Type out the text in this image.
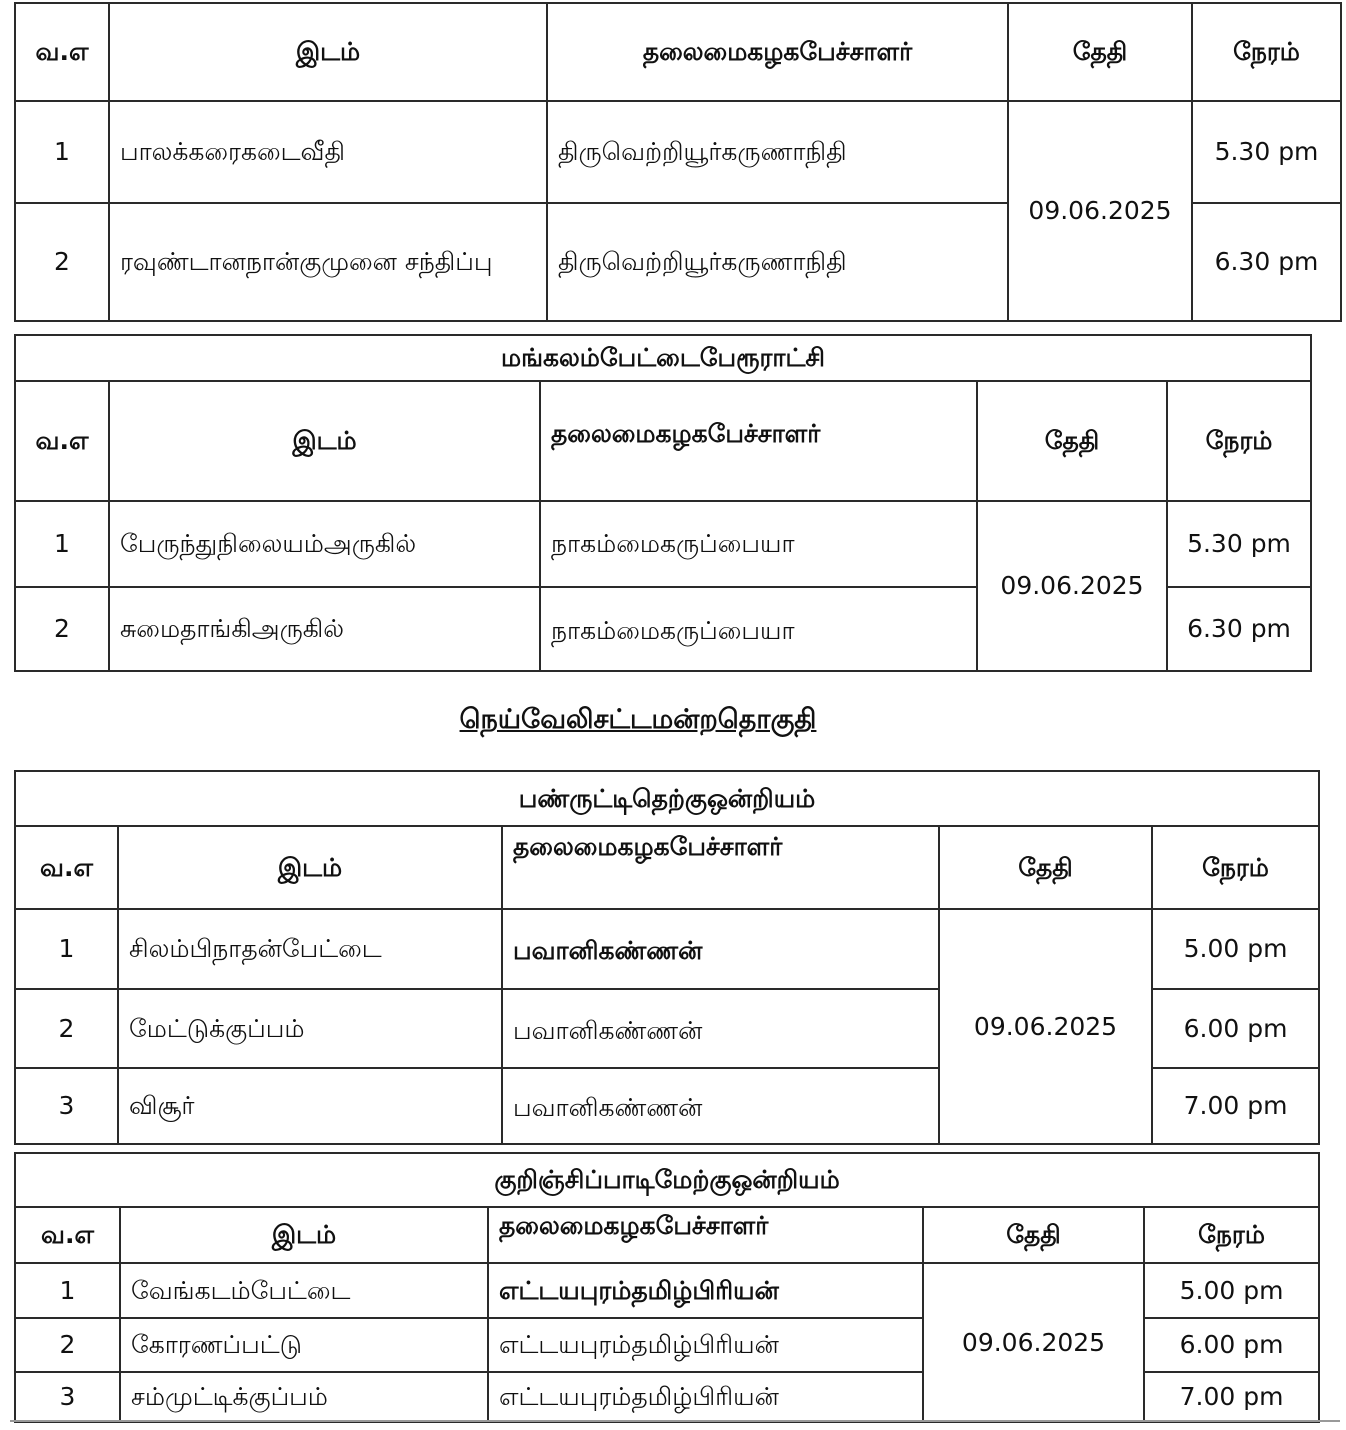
வ.எ	இடம்	தலைமைகழகபேச்சாளர்	தேதி	நேரம்
1	பாலக்கரைகடைவீதி	திருவெற்றியூர்கருணாநிதி	09.06.2025	5.30 pm
2	ரவுண்டானநான்குமுனை சந்திப்பு	திருவெற்றியூர்கருணாநிதி		6.30 pm
மங்கலம்பேட்டைபேரூராட்சி				
வ.எ	இடம்	தலைமைகழகபேச்சாளர்	தேதி	நேரம்
1	பேருந்துநிலையம்அருகில்	நாகம்மைகருப்பையா	09.06.2025	5.30 pm
2	சுமைதாங்கிஅருகில்	நாகம்மைகருப்பையா		6.30 pm
நெய்வேலிசட்டமன்றதொகுதி
பண்ருட்டிதெற்குஒன்றியம்				
வ.எ	இடம்	தலைமைகழகபேச்சாளர்	தேதி	நேரம்
1	சிலம்பிநாதன்பேட்டை	பவானிகண்ணன்	09.06.2025	5.00 pm
2	மேட்டுக்குப்பம்	பவானிகண்ணன்		6.00 pm
3	விசூர்	பவானிகண்ணன்		7.00 pm
குறிஞ்சிப்பாடிமேற்குஒன்றியம்				
வ.எ	இடம்	தலைமைகழகபேச்சாளர்	தேதி	நேரம்
1	வேங்கடம்பேட்டை	எட்டயபுரம்தமிழ்பிரியன்	09.06.2025	5.00 pm
2	கோரணப்பட்டு	எட்டயபுரம்தமிழ்பிரியன்		6.00 pm
3	சம்முட்டிக்குப்பம்	எட்டயபுரம்தமிழ்பிரியன்		7.00 pm
